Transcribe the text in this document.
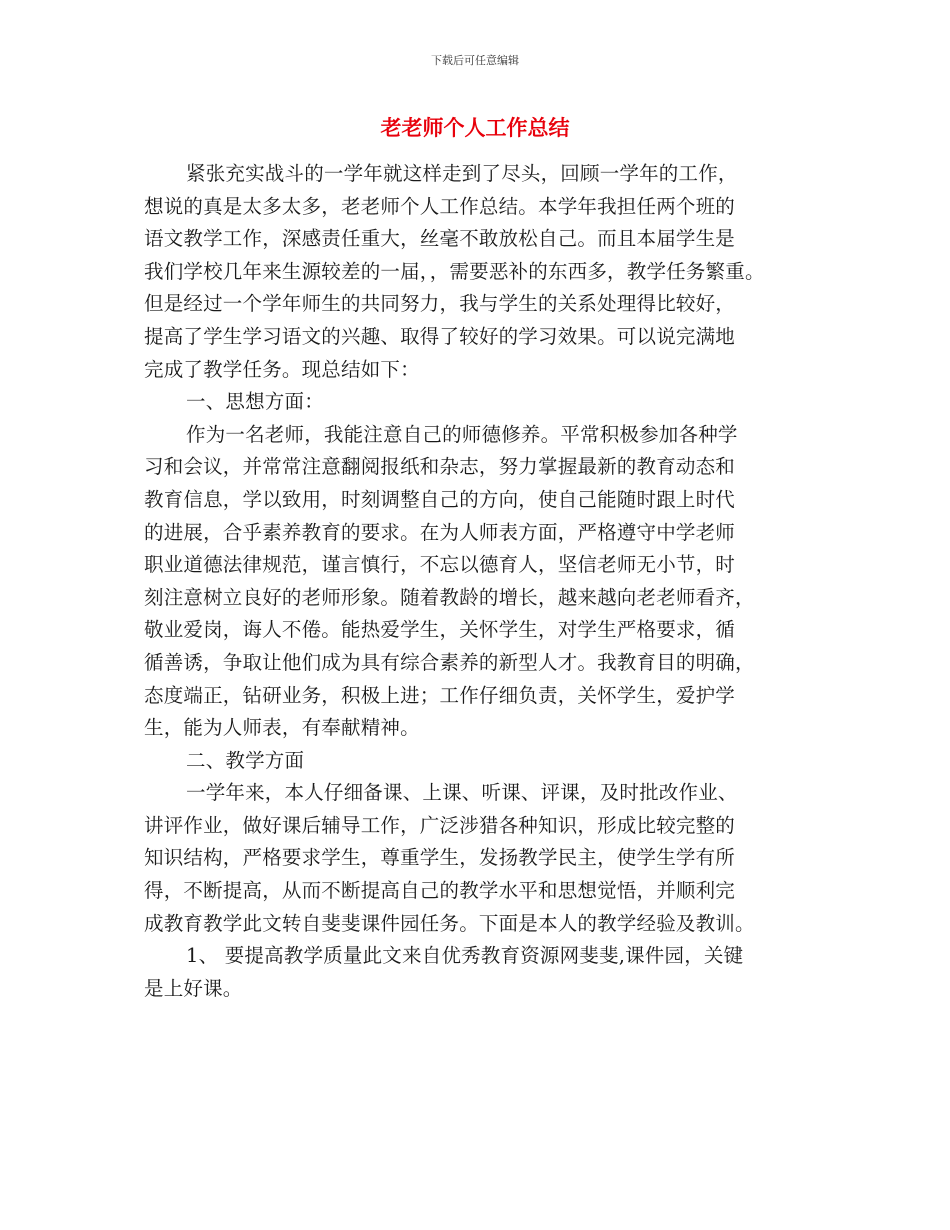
下载后可任意编辑
老老师个人工作总结
紧张充实战斗的一学年就这样走到了尽头，回顾一学年的工作，
想说的真是太多太多，老老师个人工作总结。本学年我担任两个班的
语文教学工作，深感责任重大，丝毫不敢放松自己。而且本届学生是
我们学校几年来生源较差的一届，，需要恶补的东西多，教学任务繁重。
但是经过一个学年师生的共同努力，我与学生的关系处理得比较好，
提高了学生学习语文的兴趣、取得了较好的学习效果。可以说完满地
完成了教学任务。现总结如下：
一、思想方面：
作为一名老师，我能注意自己的师德修养。平常积极参加各种学
习和会议，并常常注意翻阅报纸和杂志，努力掌握最新的教育动态和
教育信息，学以致用，时刻调整自己的方向，使自己能随时跟上时代
的进展，合乎素养教育的要求。在为人师表方面，严格遵守中学老师
职业道德法律规范，谨言慎行，不忘以德育人，坚信老师无小节，时
刻注意树立良好的老师形象。随着教龄的增长，越来越向老老师看齐，
敬业爱岗，诲人不倦。能热爱学生，关怀学生，对学生严格要求，循
循善诱，争取让他们成为具有综合素养的新型人才。我教育目的明确，
态度端正，钻研业务，积极上进；工作仔细负责，关怀学生，爱护学
生，能为人师表，有奉献精神。
二、教学方面
一学年来，本人仔细备课、上课、听课、评课，及时批改作业、
讲评作业，做好课后辅导工作，广泛涉猎各种知识，形成比较完整的
知识结构，严格要求学生，尊重学生，发扬教学民主，使学生学有所
得，不断提高，从而不断提高自己的教学水平和思想觉悟，并顺利完
成教育教学此文转自斐斐课件园任务。下面是本人的教学经验及教训。
1、 要提高教学质量此文来自优秀教育资源网斐斐,课件园，关键
是上好课。
